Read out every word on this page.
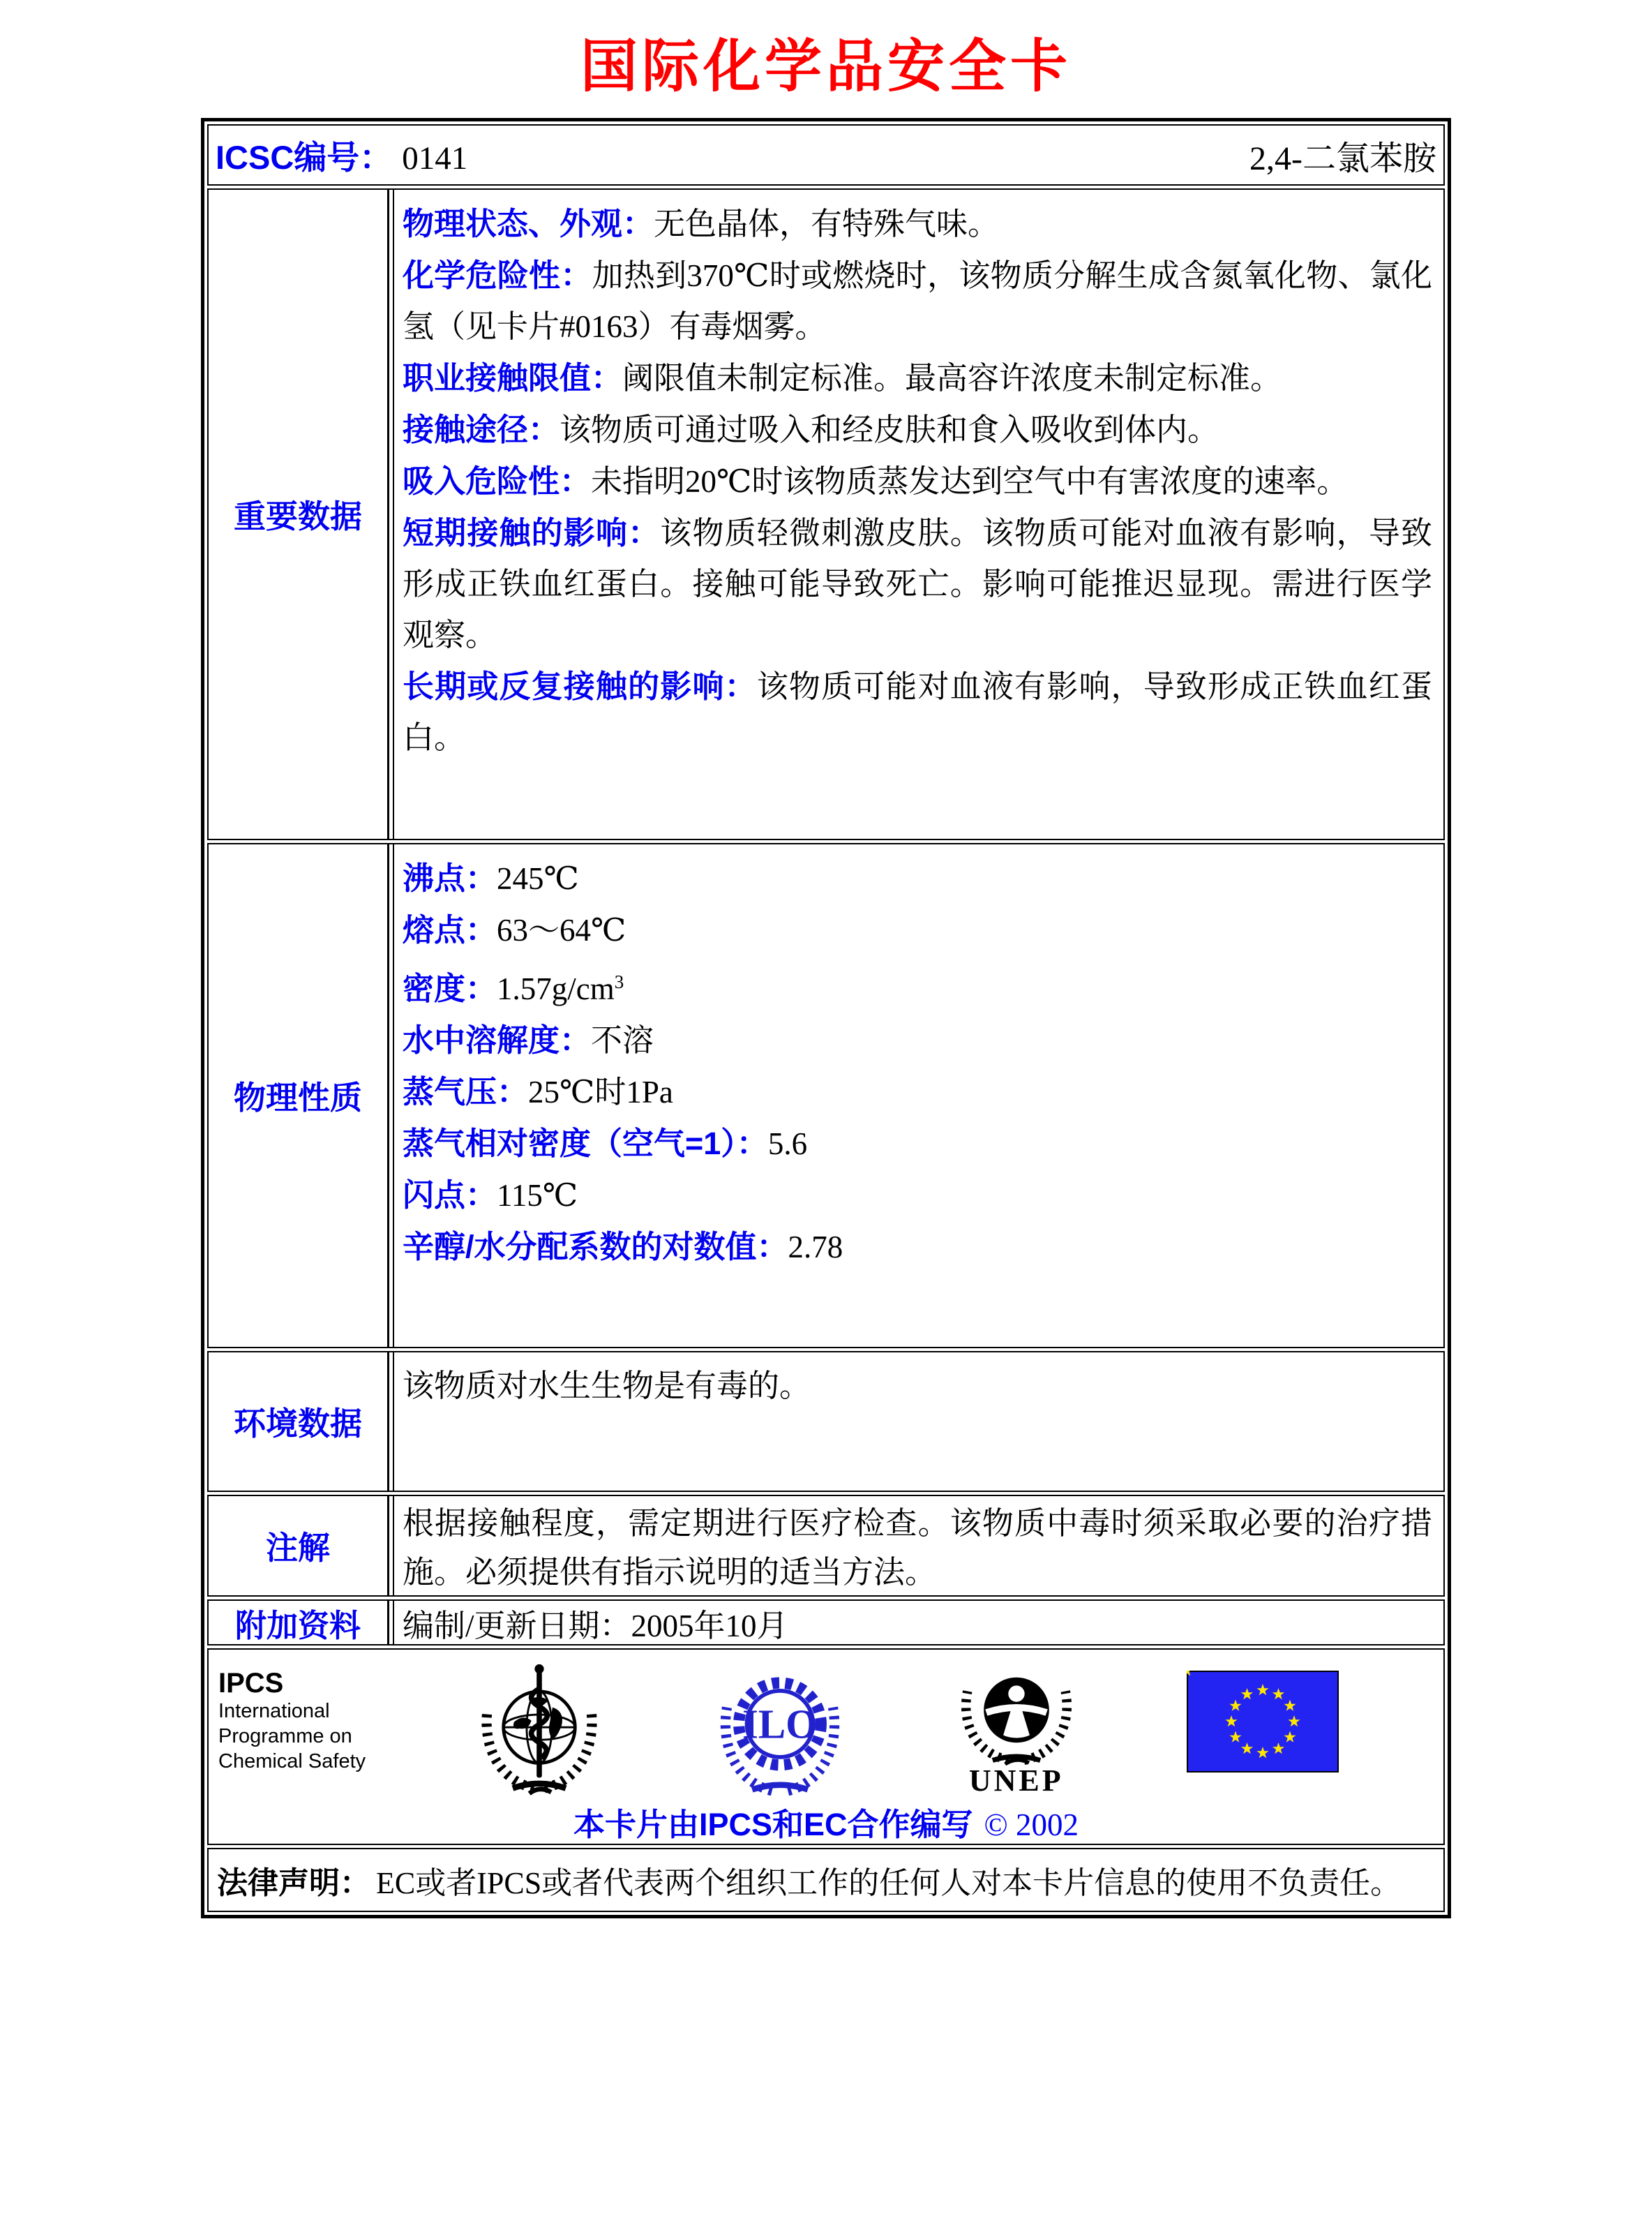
国际化学品安全卡
ICSC编号： 0141	2,4-二氯苯胺
重要数据
物理状态、外观：无色晶体，有特殊气味。
化学危险性：加热到370℃时或燃烧时，该物质分解生成含氮氧化物、氯化氢（见卡片#0163）有毒烟雾。
职业接触限值：阈限值未制定标准。最高容许浓度未制定标准。
接触途径：该物质可通过吸入和经皮肤和食入吸收到体内。
吸入危险性：未指明20℃时该物质蒸发达到空气中有害浓度的速率。
短期接触的影响：该物质轻微刺激皮肤。该物质可能对血液有影响，导致形成正铁血红蛋白。接触可能导致死亡。影响可能推迟显现。需进行医学观察。
长期或反复接触的影响：该物质可能对血液有影响，导致形成正铁血红蛋白。
物理性质
沸点：245℃
熔点：63～64℃
密度：$1.57g/cm^3$
水中溶解度：不溶
蒸气压：25℃时1Pa
蒸气相对密度（空气=1）：5.6
闪点：115℃
辛醇/水分配系数的对数值：2.78
环境数据
该物质对水生生物是有毒的。
注解
根据接触程度，需定期进行医疗检查。该物质中毒时须采取必要的治疗措施。必须提供有指示说明的适当方法。
附加资料	编制/更新日期：2005年10月
IPCS
International
Programme on
Chemical Safety
ILO
UNEP
本卡片由IPCS和EC合作编写 © 2002
法律声明： EC或者IPCS或者代表两个组织工作的任何人对本卡片信息的使用不负责任。
